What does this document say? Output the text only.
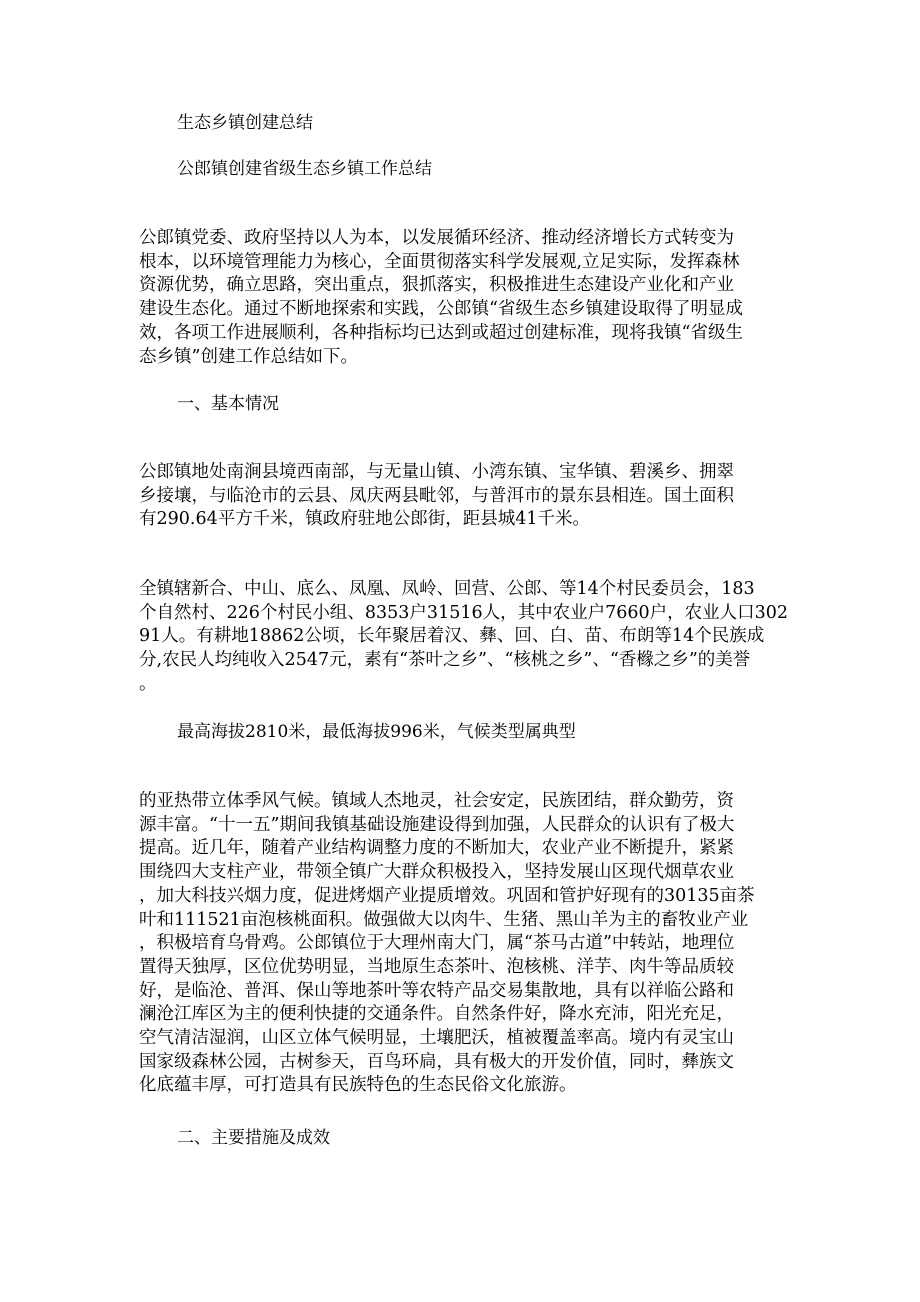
生态乡镇创建总结

公郎镇创建省级生态乡镇工作总结

公郎镇党委、政府坚持以人为本，以发展循环经济、推动经济增长方式转变为
根本，以环境管理能力为核心，全面贯彻落实科学发展观,立足实际，发挥森林
资源优势，确立思路，突出重点，狠抓落实，积极推进生态建设产业化和产业
建设生态化。通过不断地探索和实践，公郎镇“省级生态乡镇建设取得了明显成
效，各项工作进展顺利，各种指标均已达到或超过创建标准，现将我镇“省级生
态乡镇”创建工作总结如下。

一、基本情况

公郎镇地处南涧县境西南部，与无量山镇、小湾东镇、宝华镇、碧溪乡、拥翠
乡接壤，与临沧市的云县、凤庆两县毗邻，与普洱市的景东县相连。国土面积
有290.64平方千米，镇政府驻地公郎街，距县城41千米。
全镇辖新合、中山、底么、凤凰、凤岭、回营、公郎、等14个村民委员会，183
个自然村、226个村民小组、8353户31516人，其中农业户7660户，农业人口302
91人。有耕地18862公顷，长年聚居着汉、彝、回、白、苗、布朗等14个民族成
分,农民人均纯收入2547元，素有“茶叶之乡”、“核桃之乡”、“香橼之乡”的美誉
。

最高海拔2810米，最低海拔996米，气候类型属典型

的亚热带立体季风气候。镇域人杰地灵，社会安定，民族团结，群众勤劳，资
源丰富。“十一五”期间我镇基础设施建设得到加强，人民群众的认识有了极大
提高。近几年，随着产业结构调整力度的不断加大，农业产业不断提升，紧紧
围绕四大支柱产业，带领全镇广大群众积极投入，坚持发展山区现代烟草农业
，加大科技兴烟力度，促进烤烟产业提质增效。巩固和管护好现有的30135亩茶
叶和111521亩泡核桃面积。做强做大以肉牛、生猪、黑山羊为主的畜牧业产业
，积极培育乌骨鸡。公郎镇位于大理州南大门，属“茶马古道”中转站，地理位
置得天独厚，区位优势明显，当地原生态茶叶、泡核桃、洋芋、肉牛等品质较
好，是临沧、普洱、保山等地茶叶等农特产品交易集散地，具有以祥临公路和
澜沧江库区为主的便利快捷的交通条件。自然条件好，降水充沛，阳光充足，
空气清洁湿润，山区立体气候明显，土壤肥沃，植被覆盖率高。境内有灵宝山
国家级森林公园，古树参天，百鸟环扃，具有极大的开发价值，同时，彝族文
化底蕴丰厚，可打造具有民族特色的生态民俗文化旅游。

二、主要措施及成效
